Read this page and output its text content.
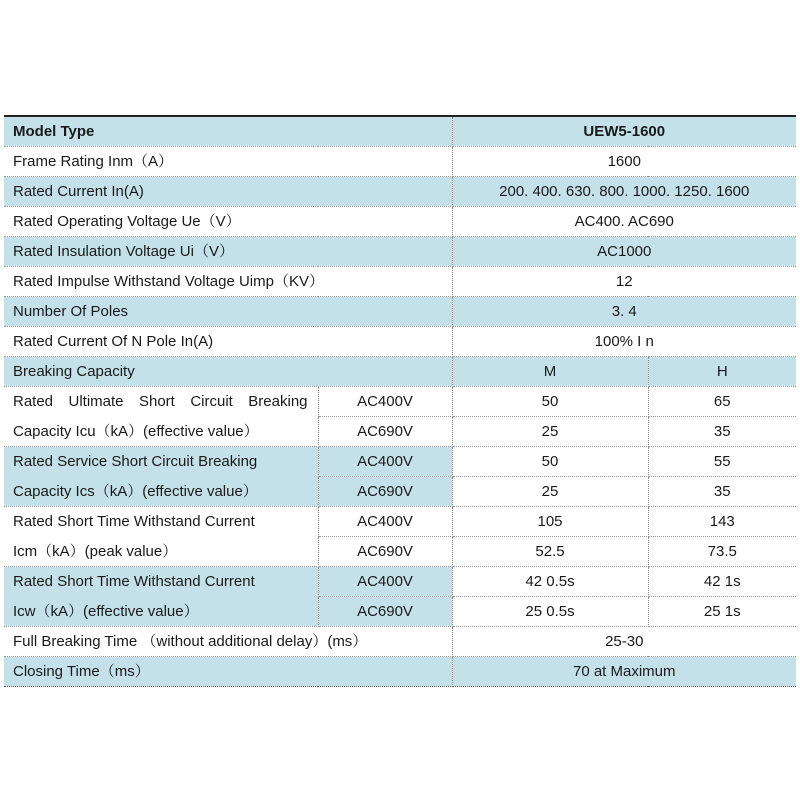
Model Type		UEW5-1600	
Frame Rating Inm（A）		1600	
Rated Current In(A)		200. 400. 630. 800. 1000. 1250. 1600	
Rated Operating Voltage Ue（V）		AC400. AC690	
Rated Insulation Voltage Ui（V）		AC1000	
Rated Impulse Withstand Voltage Uimp（KV）		12	
Number Of Poles		3. 4	
Rated Current Of N Pole In(A)		100% I n	
Breaking Capacity		M	H

Rated Ultimate Short Circuit Breaking	AC400V	50	65
Capacity Icu（kA）(effective value）	AC690V	25	35
Rated Service Short Circuit Breaking	AC400V	50	55
Capacity Ics（kA）(effective value）	AC690V	25	35
Rated Short Time Withstand Current	AC400V	105	143
Icm（kA）(peak value）	AC690V	52.5	73.5
Rated Short Time Withstand Current	AC400V	42 0.5s	42 1s
Icw（kA）(effective value）	AC690V	25 0.5s	25 1s
Full Breaking Time （without additional delay）(ms）		25-30	
Closing Time（ms）		70 at Maximum	
